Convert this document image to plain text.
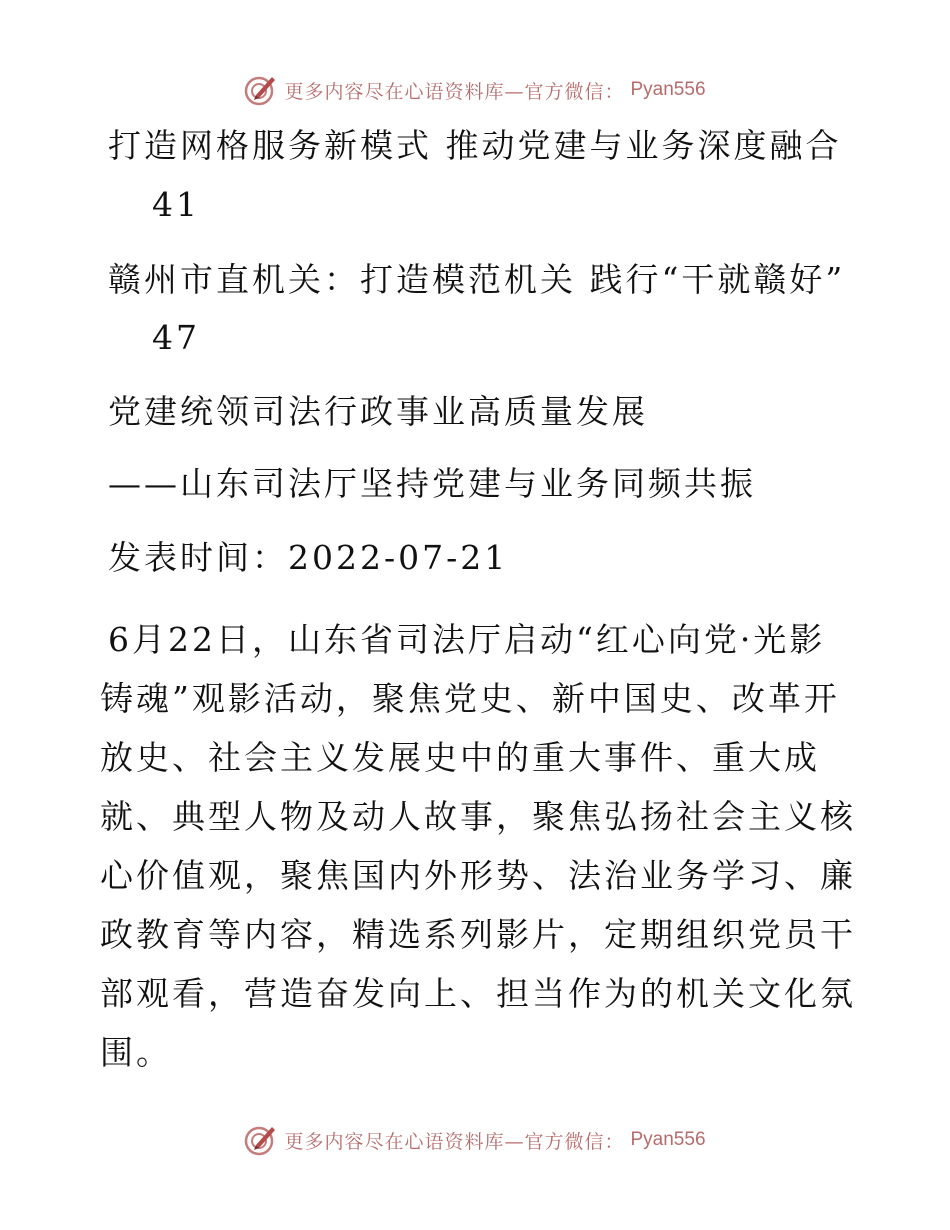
更多内容尽在心语资料库—官方微信： Pyan556
打造网格服务新模式 推动党建与业务深度融合
41
赣州市直机关：打造模范机关 践行“干就赣好”
47
党建统领司法行政事业高质量发展
——山东司法厅坚持党建与业务同频共振
发表时间：2022-07-21
6月22日，山东省司法厅启动“红心向党·光影铸魂”观影活动，聚焦党史、新中国史、改革开放史、社会主义发展史中的重大事件、重大成就、典型人物及动人故事，聚焦弘扬社会主义核心价值观，聚焦国内外形势、法治业务学习、廉政教育等内容，精选系列影片，定期组织党员干部观看，营造奋发向上、担当作为的机关文化氛围。
更多内容尽在心语资料库—官方微信： Pyan556
